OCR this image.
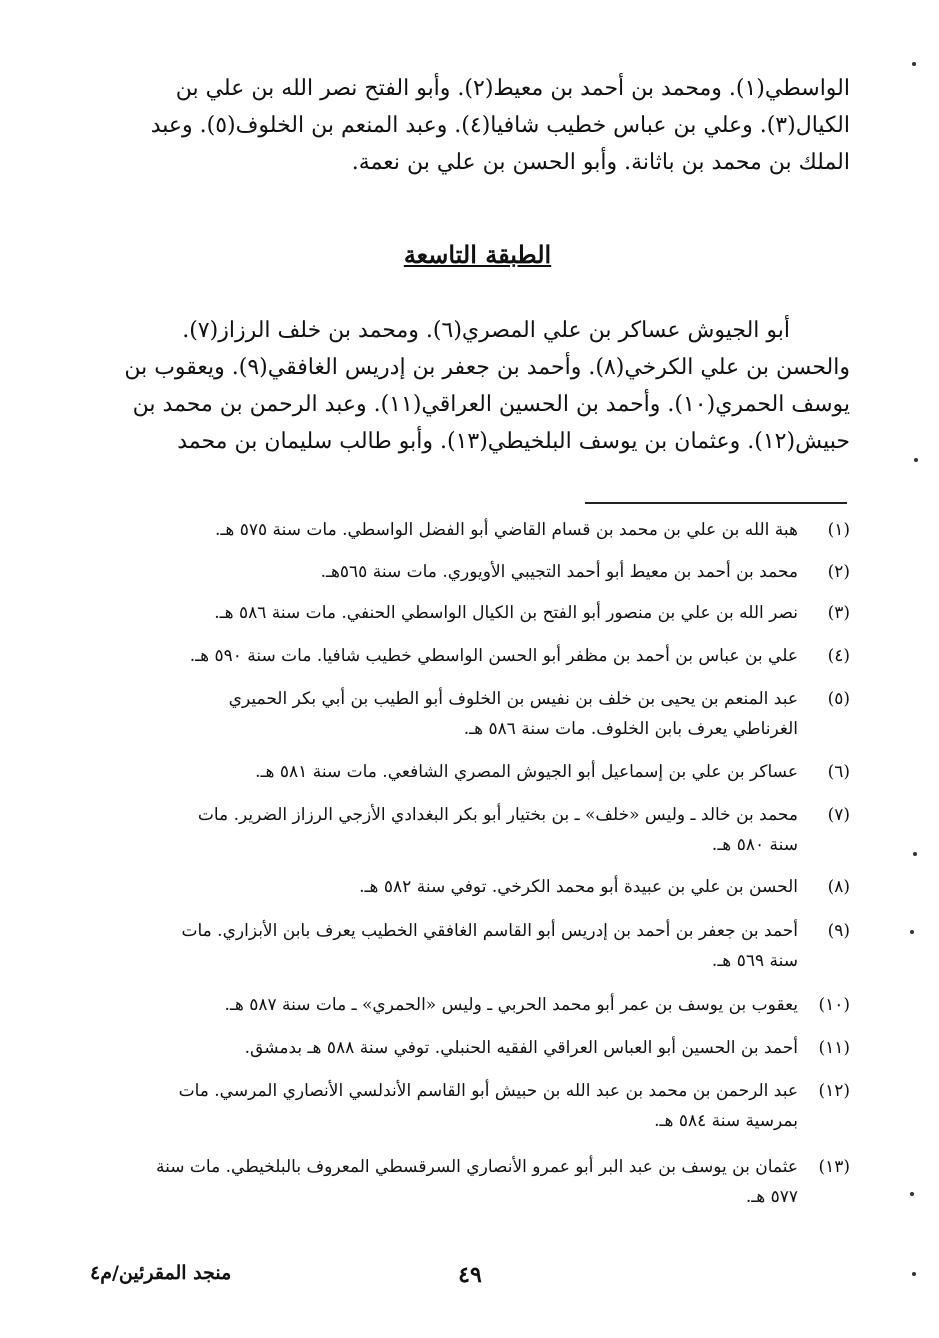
الواسطي(١). ومحمد بن أحمد بن معيط(٢). وأبو الفتح نصر الله بن علي بن
الكيال(٣). وعلي بن عباس خطيب شافيا(٤). وعبد المنعم بن الخلوف(٥). وعبد
الملك بن محمد بن باثانة. وأبو الحسن بن علي بن نعمة.
الطبقة التاسعة
أبو الجيوش عساكر بن علي المصري(٦). ومحمد بن خلف الرزاز(٧).
والحسن بن علي الكرخي(٨). وأحمد بن جعفر بن إدريس الغافقي(٩). ويعقوب بن
يوسف الحمري(١٠). وأحمد بن الحسين العراقي(١١). وعبد الرحمن بن محمد بن
حبيش(١٢). وعثمان بن يوسف البلخيطي(١٣). وأبو طالب سليمان بن محمد
(١)هبة الله بن علي بن محمد بن قسام القاضي أبو الفضل الواسطي. مات سنة ٥٧٥ هـ.
(٢)محمد بن أحمد بن معيط أبو أحمد التجيبي الأويوري. مات سنة ٥٦٥هـ.
(٣)نصر الله بن علي بن منصور أبو الفتح بن الكيال الواسطي الحنفي. مات سنة ٥٨٦ هـ.
(٤)علي بن عباس بن أحمد بن مظفر أبو الحسن الواسطي خطيب شافيا. مات سنة ٥٩٠ هـ.
(٥)عبد المنعم بن يحيى بن خلف بن نفيس بن الخلوف أبو الطيب بن أبي بكر الحميري
الغرناطي يعرف بابن الخلوف. مات سنة ٥٨٦ هـ.
(٦)عساكر بن علي بن إسماعيل أبو الجيوش المصري الشافعي. مات سنة ٥٨١ هـ.
(٧)محمد بن خالد ـ وليس «خلف» ـ بن بختيار أبو بكر البغدادي الأزجي الرزاز الضرير. مات
سنة ٥٨٠ هـ.
(٨)الحسن بن علي بن عبيدة أبو محمد الكرخي. توفي سنة ٥٨٢ هـ.
(٩)أحمد بن جعفر بن أحمد بن إدريس أبو القاسم الغافقي الخطيب يعرف بابن الأبزاري. مات
سنة ٥٦٩ هـ.
(١٠)يعقوب بن يوسف بن عمر أبو محمد الحربي ـ وليس «الحمري» ـ مات سنة ٥٨٧ هـ.
(١١)أحمد بن الحسين أبو العباس العراقي الفقيه الحنبلي. توفي سنة ٥٨٨ هـ بدمشق.
(١٢)عبد الرحمن بن محمد بن عبد الله بن حبيش أبو القاسم الأندلسي الأنصاري المرسي. مات
بمرسية سنة ٥٨٤ هـ.
(١٣)عثمان بن يوسف بن عبد البر أبو عمرو الأنصاري السرقسطي المعروف بالبلخيطي. مات سنة
٥٧٧ هـ.
منجد المقرئين/م٤	٤٩
